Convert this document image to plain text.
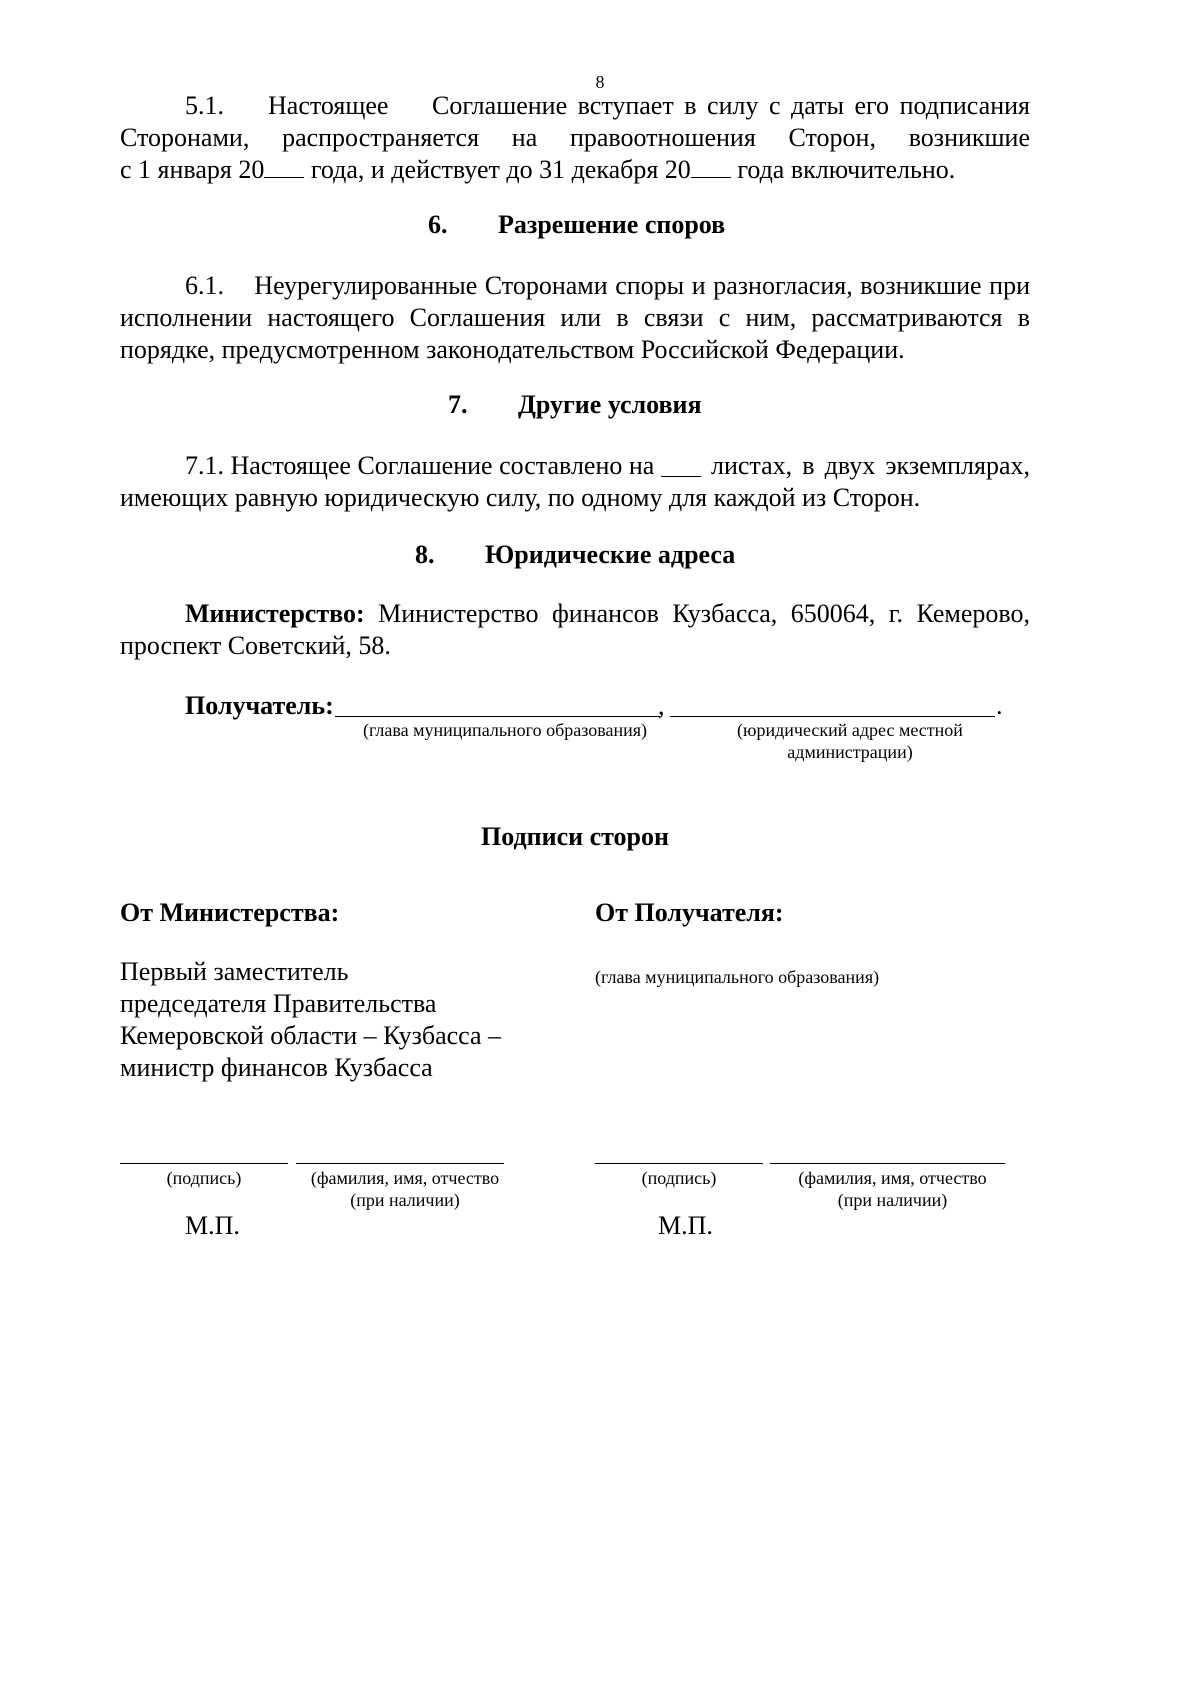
8
5.1. Настоящее Соглашение вступает в силу с даты его подписания
Сторонами, распространяется на правоотношения Сторон, возникшие
с 1 января 20 года, и действует до 31 декабря 20 года включительно.
6. Разрешение споров
6.1.    Неурегулированные Сторонами споры и разногласия, возникшие при
исполнении настоящего Соглашения или в связи с ним, рассматриваются в
порядке, предусмотренном законодательством Российской Федерации.
7. Другие условия
7.1. Настоящее Соглашение составлено на листах, в двух экземплярах,
имеющих равную юридическую силу, по одному для каждой из Сторон.
8. Юридические адреса
Министерство: Министерство финансов Кузбасса, 650064, г. Кемерово,
проспект Советский, 58.
Получатель:	,	.
(глава муниципального образования)	(юридический адрес местной
администрации)
Подписи сторон
От Министерства:
Первый заместитель
председателя Правительства
Кемеровской области – Кузбасса –
министр финансов Кузбасса
От Получателя:
(глава муниципального образования)
(подпись)	(фамилия, имя, отчество
(при наличии)
М.П.
(подпись)	(фамилия, имя, отчество
(при наличии)
М.П.
